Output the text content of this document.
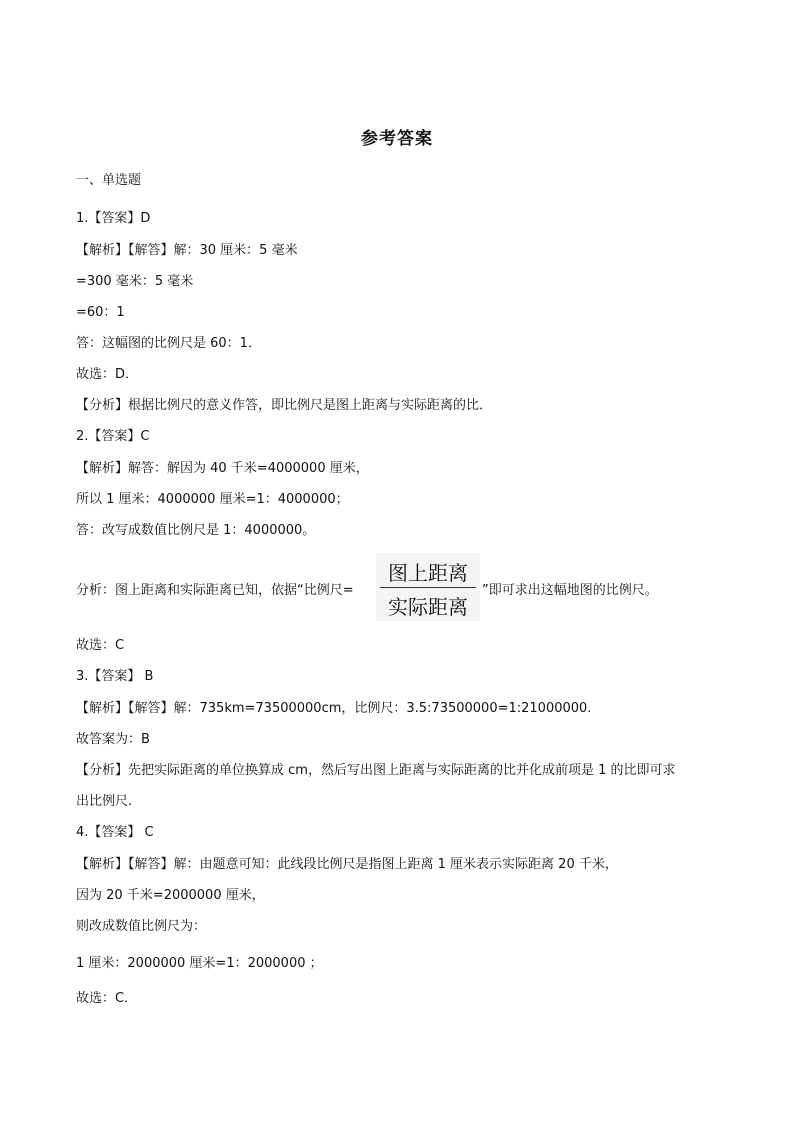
参考答案
一、单选题
1.【答案】D
【解析】【解答】解：30 厘米：5 毫米
=300 毫米：5 毫米
=60：1
答：这幅图的比例尺是 60：1．
故选：D．
【分析】根据比例尺的意义作答，即比例尺是图上距离与实际距离的比．
2.【答案】C
【解析】解答：解因为 40 千米=4000000 厘米，
所以 1 厘米：4000000 厘米=1：4000000；
答：改写成数值比例尺是 1：4000000。
分析：图上距离和实际距离已知，依据“比例尺=
图上距离
实际距离
”即可求出这幅地图的比例尺。
故选：C
3.【答案】 B
【解析】【解答】解：735km=73500000cm，比例尺：3.5:73500000=1:21000000.
故答案为：B
【分析】先把实际距离的单位换算成 cm，然后写出图上距离与实际距离的比并化成前项是 1 的比即可求
出比例尺.
4.【答案】 C
【解析】【解答】解：由题意可知：此线段比例尺是指图上距离 1 厘米表示实际距离 20 千米，
因为 20 千米=2000000 厘米，
则改成数值比例尺为：
1 厘米：2000000 厘米=1：2000000 ；
故选：C．
